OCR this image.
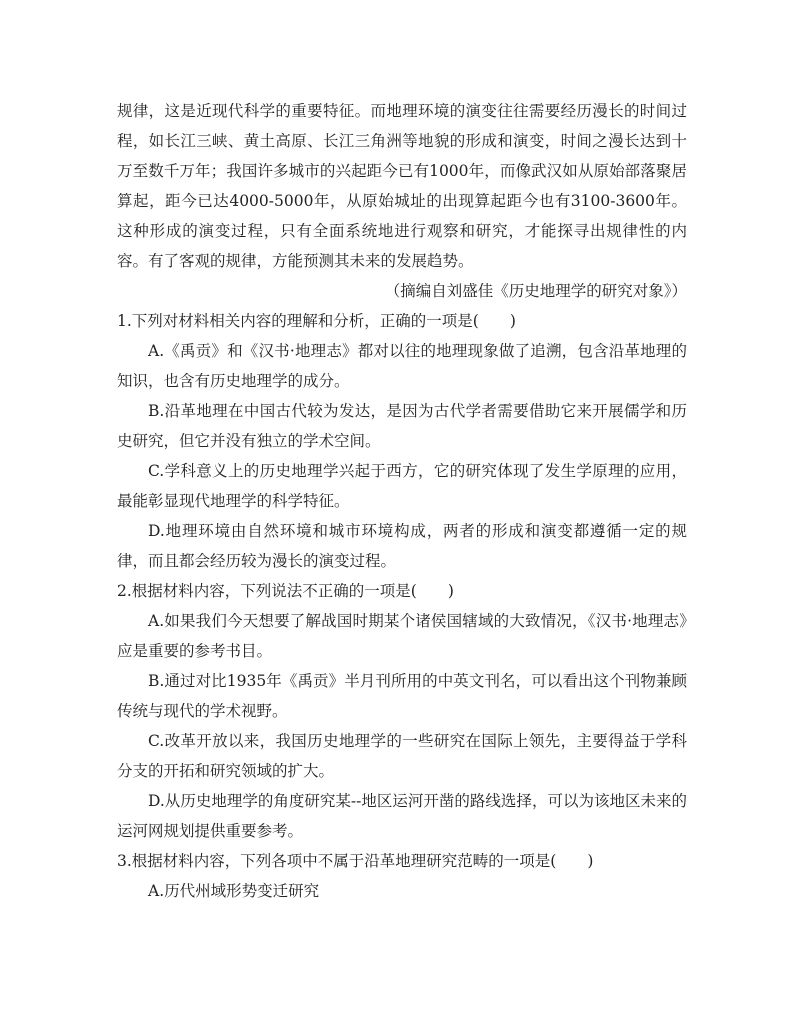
规律，这是近现代科学的重要特征。而地理环境的演变往往需要经历漫长的时间过程，如长江三峡、黄土高原、长江三角洲等地貌的形成和演变，时间之漫长达到十万至数千万年；我国许多城市的兴起距今已有1000年，而像武汉如从原始部落聚居算起，距今已达4000-5000年，从原始城址的出现算起距今也有3100-3600年。这种形成的演变过程，只有全面系统地进行观察和研究，才能探寻出规律性的内容。有了客观的规律，方能预测其未来的发展趋势。

（摘编自刘盛佳《历史地理学的研究对象》）

1.下列对材料相关内容的理解和分析，正确的一项是(　　)

A.《禹贡》和《汉书·地理志》都对以往的地理现象做了追溯，包含沿革地理的知识，也含有历史地理学的成分。

B.沿革地理在中国古代较为发达，是因为古代学者需要借助它来开展儒学和历史研究，但它并没有独立的学术空间。

C.学科意义上的历史地理学兴起于西方，它的研究体现了发生学原理的应用，最能彰显现代地理学的科学特征。

D.地理环境由自然环境和城市环境构成，两者的形成和演变都遵循一定的规律，而且都会经历较为漫长的演变过程。

2.根据材料内容，下列说法不正确的一项是(　　)

A.如果我们今天想要了解战国时期某个诸侯国辖域的大致情况，《汉书·地理志》应是重要的参考书目。

B.通过对比1935年《禹贡》半月刊所用的中英文刊名，可以看出这个刊物兼顾传统与现代的学术视野。

C.改革开放以来，我国历史地理学的一些研究在国际上领先，主要得益于学科分支的开拓和研究领域的扩大。

D.从历史地理学的角度研究某--地区运河开凿的路线选择，可以为该地区未来的运河网规划提供重要参考。

3.根据材料内容，下列各项中不属于沿革地理研究范畴的一项是(　　)

A.历代州域形势变迁研究
